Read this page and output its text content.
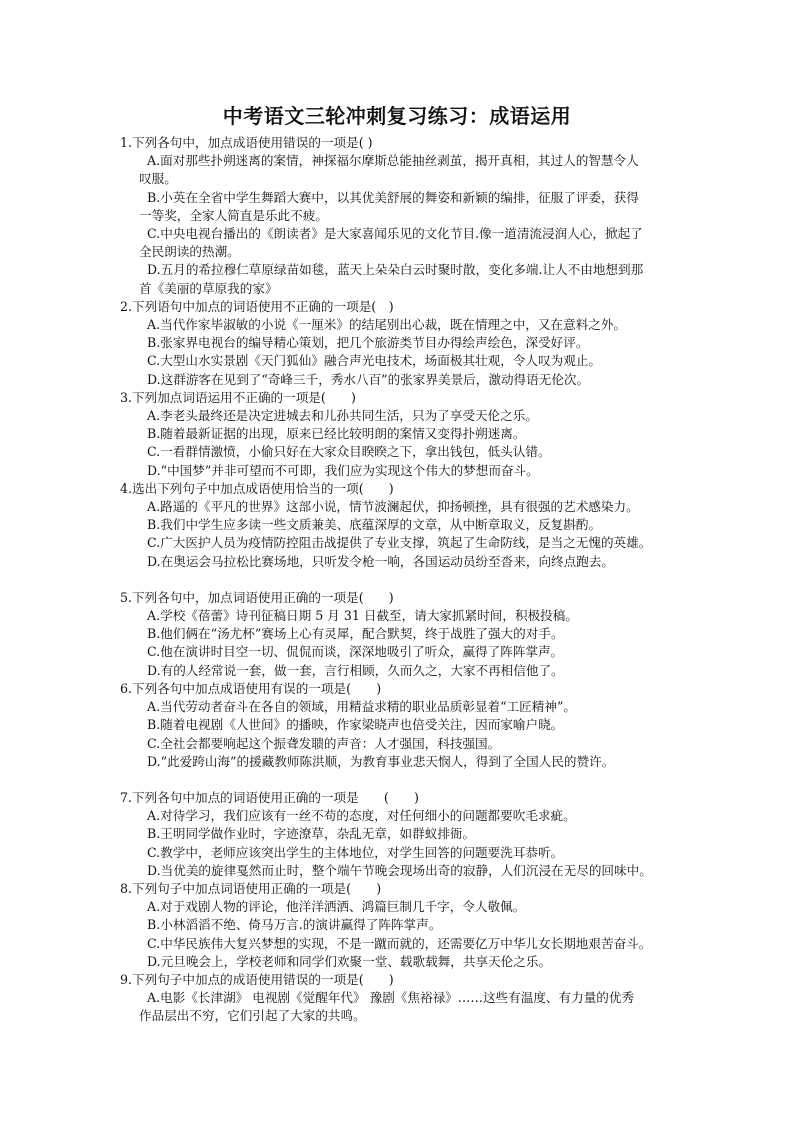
中考语文三轮冲刺复习练习：成语运用
1.下列各句中，加点成语使用错误的一项是( )
A.面对那些扑朔迷离的案情，神探福尔摩斯总能抽丝剥茧，揭开真相，其过人的智慧令人
叹服。
B.小英在全省中学生舞蹈大赛中，以其优美舒展的舞姿和新颖的编排，征服了评委，获得
一等奖，全家人简直是乐此不疲。
C.中央电视台播出的《朗读者》是大家喜闻乐见的文化节目.像一道清流浸润人心，掀起了
全民朗读的热潮。
D.五月的希拉穆仁草原绿苗如毯，蓝天上朵朵白云时聚时散，变化多端.让人不由地想到那
首《美丽的草原我的家》
2.下列语句中加点的词语使用不正确的一项是(　)
A.当代作家毕淑敏的小说《一厘米》的结尾别出心裁，既在情理之中，又在意料之外。
B.张家界电视台的编导精心策划，把几个旅游类节目办得绘声绘色，深受好评。
C.大型山水实景剧《天门狐仙》融合声光电技术，场面极其壮观，令人叹为观止。
D.这群游客在见到了“奇峰三千，秀水八百”的张家界美景后，激动得语无伦次。
3.下列加点词语运用不正确的一项是(　　)
A.李老头最终还是决定进城去和儿孙共同生活，只为了享受天伦之乐。
B.随着最新证据的出现，原来已经比较明朗的案情又变得扑朔迷离。
C.一看群情激愤，小偷只好在大家众目睽睽之下，拿出钱包，低头认错。
D.“中国梦”并非可望而不可即，我们应为实现这个伟大的梦想而奋斗。
4.选出下列句子中加点成语使用恰当的一项(　　)
A.路遥的《平凡的世界》这部小说，情节波澜起伏，抑扬顿挫，具有很强的艺术感染力。
B.我们中学生应多读一些文质兼美、底蕴深厚的文章，从中断章取义，反复斟酌。
C.广大医护人员为疫情防控阻击战提供了专业支撑，筑起了生命防线，是当之无愧的英雄。
D.在奥运会马拉松比赛场地，只听发令枪一响，各国运动员纷至沓来，向终点跑去。
5.下列各句中，加点词语使用正确的一项是(　　)
A.学校《蓓蕾》诗刊征稿日期 5 月 31 日截至，请大家抓紧时间，积极投稿。
B.他们俩在“汤尤杯”赛场上心有灵犀，配合默契，终于战胜了强大的对手。
C.他在演讲时目空一切、侃侃而谈，深深地吸引了听众，赢得了阵阵掌声。
D.有的人经常说一套，做一套，言行相顾，久而久之，大家不再相信他了。
6.下列各句中加点成语使用有误的一项是(　　)
A.当代劳动者奋斗在各自的领域，用精益求精的职业品质彰显着“工匠精神”。
B.随着电视剧《人世间》的播映，作家梁晓声也倍受关注，因而家喻户晓。
C.全社会都要响起这个振聋发聩的声音：人才强国，科技强国。
D.“此爱跨山海”的援藏教师陈洪顺，为教育事业悲天悯人，得到了全国人民的赞许。
7.下列各句中加点的词语使用正确的一项是　　(　　)
A.对待学习，我们应该有一丝不苟的态度，对任何细小的问题都要吹毛求疵。
B.王明同学做作业时，字迹潦草，杂乱无章，如群蚁排衙。
C.教学中，老师应该突出学生的主体地位，对学生回答的问题要洗耳恭听。
D.当优美的旋律戛然而止时，整个端午节晚会现场出奇的寂静，人们沉浸在无尽的回味中。
8.下列句子中加点词语使用正确的一项是(　　)
A.对于戏剧人物的评论，他洋洋洒洒、鸿篇巨制几千字，令人敬佩。
B.小林滔滔不绝、倚马万言.的演讲赢得了阵阵掌声。
C.中华民族伟大复兴梦想的实现，不是一蹴而就的，还需要亿万中华儿女长期地艰苦奋斗。
D.元旦晚会上，学校老师和同学们欢聚一堂、载歌载舞，共享天伦之乐。
9.下列句子中加点的成语使用错误的一项是(　　)
A.电影《长津湖》 电视剧《觉醒年代》 豫剧《焦裕禄》……这些有温度、有力量的优秀
作品层出不穷，它们引起了大家的共鸣。
